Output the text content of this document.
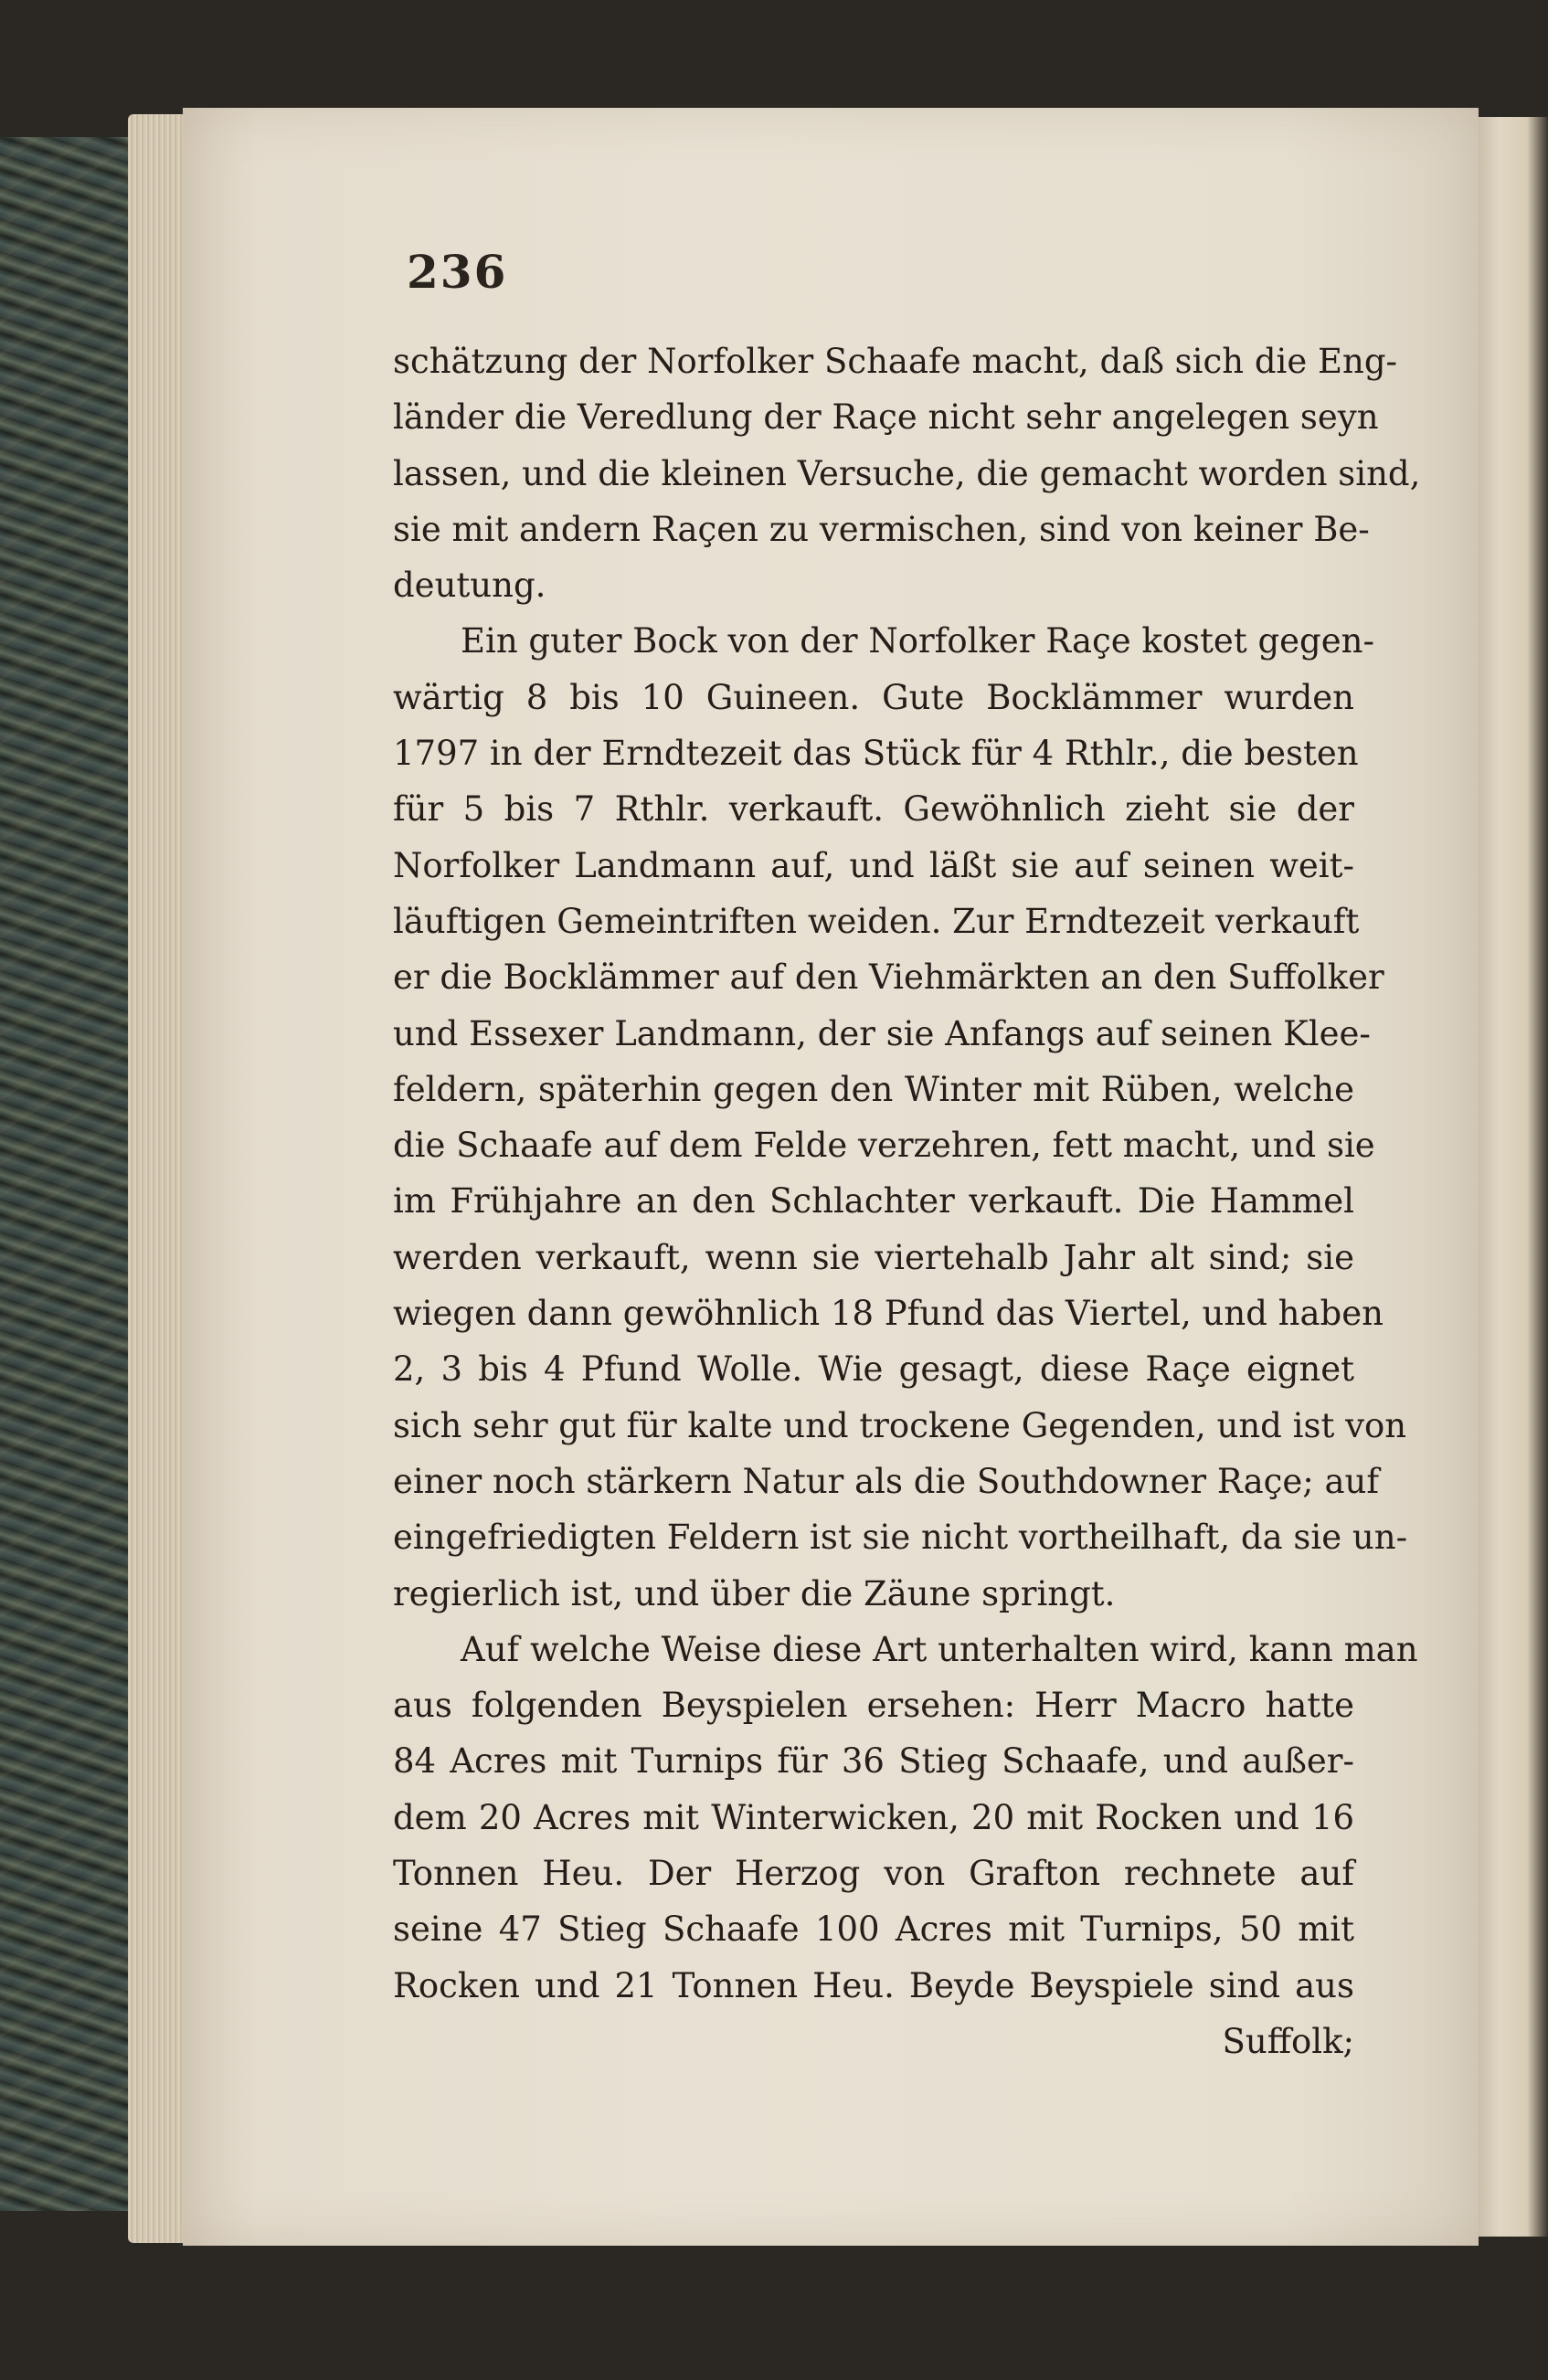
236
schätzung der Norfolker Schaafe macht, daß sich die Eng-
länder die Veredlung der Raçe nicht sehr angelegen seyn
lassen, und die kleinen Versuche, die gemacht worden sind,
sie mit andern Raçen zu vermischen, sind von keiner Be-
deutung.
Ein guter Bock von der Norfolker Raçe kostet gegen-
wärtig 8 bis 10 Guineen. Gute Bocklämmer wurden
1797 in der Erndtezeit das Stück für 4 Rthlr., die besten
für 5 bis 7 Rthlr. verkauft. Gewöhnlich zieht sie der
Norfolker Landmann auf, und läßt sie auf seinen weit-
läuftigen Gemeintriften weiden. Zur Erndtezeit verkauft
er die Bocklämmer auf den Viehmärkten an den Suffolker
und Essexer Landmann, der sie Anfangs auf seinen Klee-
feldern, späterhin gegen den Winter mit Rüben, welche
die Schaafe auf dem Felde verzehren, fett macht, und sie
im Frühjahre an den Schlachter verkauft. Die Hammel
werden verkauft, wenn sie viertehalb Jahr alt sind; sie
wiegen dann gewöhnlich 18 Pfund das Viertel, und haben
2, 3 bis 4 Pfund Wolle. Wie gesagt, diese Raçe eignet
sich sehr gut für kalte und trockene Gegenden, und ist von
einer noch stärkern Natur als die Southdowner Raçe; auf
eingefriedigten Feldern ist sie nicht vortheilhaft, da sie un-
regierlich ist, und über die Zäune springt.
Auf welche Weise diese Art unterhalten wird, kann man
aus folgenden Beyspielen ersehen: Herr Macro hatte
84 Acres mit Turnips für 36 Stieg Schaafe, und außer-
dem 20 Acres mit Winterwicken, 20 mit Rocken und 16
Tonnen Heu. Der Herzog von Grafton rechnete auf
seine 47 Stieg Schaafe 100 Acres mit Turnips, 50 mit
Rocken und 21 Tonnen Heu. Beyde Beyspiele sind aus
Suffolk;
